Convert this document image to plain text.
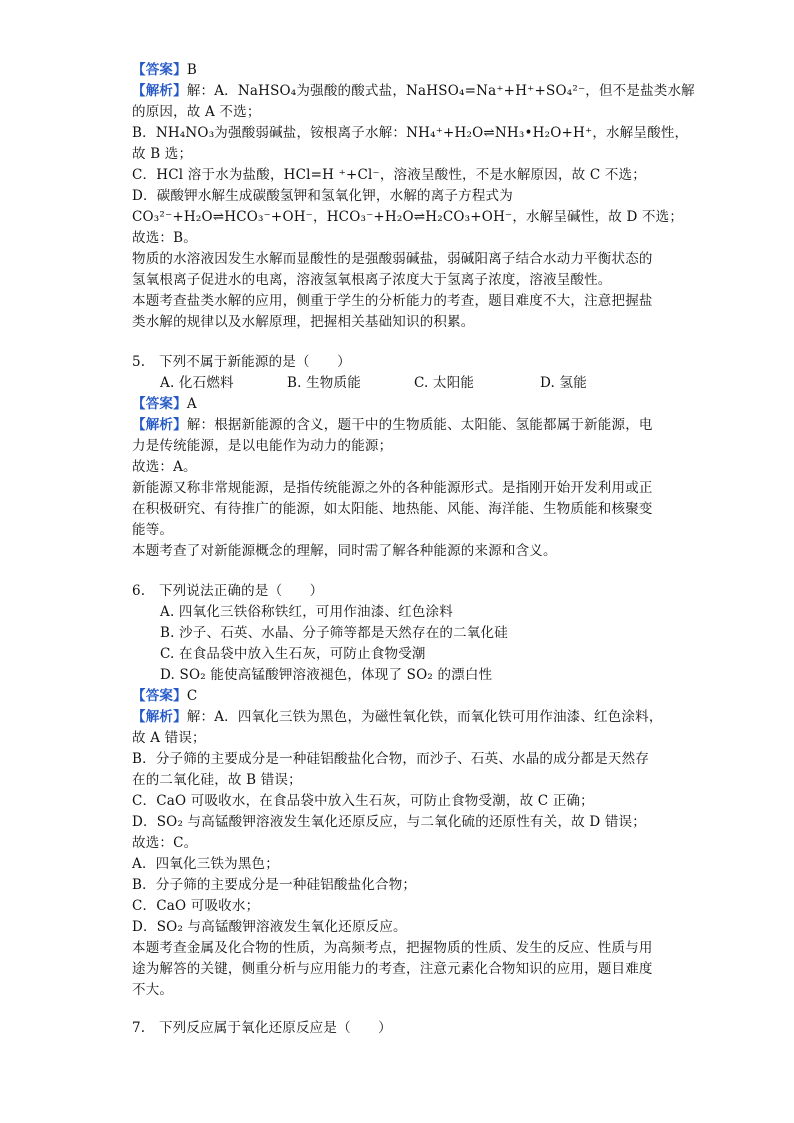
【答案】B
【解析】解：A．NaHSO₄为强酸的酸式盐，NaHSO₄=Na⁺+H⁺+SO₄²⁻，但不是盐类水解
的原因，故 A 不选；
B．NH₄NO₃为强酸弱碱盐，铵根离子水解：NH₄⁺+H₂O⇌NH₃•H₂O+H⁺，水解呈酸性，
故 B 选；
C．HCl 溶于水为盐酸，HCl=H ⁺+Cl⁻，溶液呈酸性，不是水解原因，故 C 不选；
D．碳酸钾水解生成碳酸氢钾和氢氧化钾，水解的离子方程式为
CO₃²⁻+H₂O⇌HCO₃⁻+OH⁻，HCO₃⁻+H₂O⇌H₂CO₃+OH⁻，水解呈碱性，故 D 不选；
故选：B。
物质的水溶液因发生水解而显酸性的是强酸弱碱盐，弱碱阳离子结合水动力平衡状态的
氢氧根离子促进水的电离，溶液氢氧根离子浓度大于氢离子浓度，溶液呈酸性。
本题考查盐类水解的应用，侧重于学生的分析能力的考查，题目难度不大，注意把握盐
类水解的规律以及水解原理，把握相关基础知识的积累。
5.　下列不属于新能源的是（　　）
A. 化石燃料	B. 生物质能	C. 太阳能	D. 氢能
【答案】A
【解析】解：根据新能源的含义，题干中的生物质能、太阳能、氢能都属于新能源，电
力是传统能源，是以电能作为动力的能源；
故选：A。
新能源又称非常规能源，是指传统能源之外的各种能源形式。是指刚开始开发利用或正
在积极研究、有待推广的能源，如太阳能、地热能、风能、海洋能、生物质能和核聚变
能等。
本题考查了对新能源概念的理解，同时需了解各种能源的来源和含义。
6.　下列说法正确的是（　　）
A. 四氧化三铁俗称铁红，可用作油漆、红色涂料
B. 沙子、石英、水晶、分子筛等都是天然存在的二氧化硅
C. 在食品袋中放入生石灰，可防止食物受潮
D. SO₂ 能使高锰酸钾溶液褪色，体现了 SO₂ 的漂白性
【答案】C
【解析】解：A．四氧化三铁为黑色，为磁性氧化铁，而氧化铁可用作油漆、红色涂料，
故 A 错误；
B．分子筛的主要成分是一种硅铝酸盐化合物，而沙子、石英、水晶的成分都是天然存
在的二氧化硅，故 B 错误；
C．CaO 可吸收水，在食品袋中放入生石灰，可防止食物受潮，故 C 正确；
D．SO₂ 与高锰酸钾溶液发生氧化还原反应，与二氧化硫的还原性有关，故 D 错误；
故选：C。
A．四氧化三铁为黑色；
B．分子筛的主要成分是一种硅铝酸盐化合物；
C．CaO 可吸收水；
D．SO₂ 与高锰酸钾溶液发生氧化还原反应。
本题考查金属及化合物的性质，为高频考点，把握物质的性质、发生的反应、性质与用
途为解答的关键，侧重分析与应用能力的考查，注意元素化合物知识的应用，题目难度
不大。
7.　下列反应属于氧化还原反应是（　　）
